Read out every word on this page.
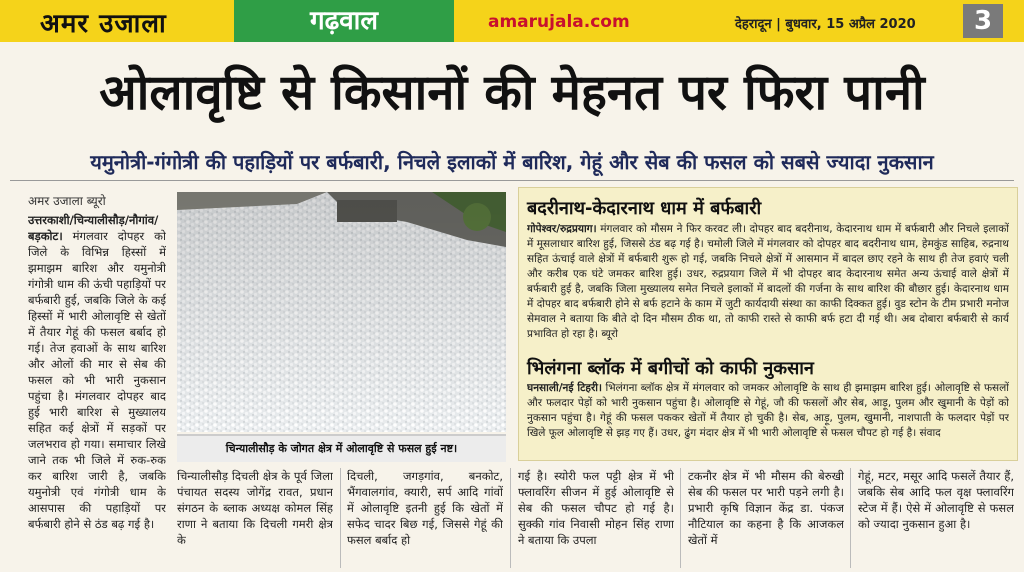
अमर उजाला	गढ़वाल	amarujala.com	देहरादून | बुधवार, 15 अप्रैल 2020	3
ओलावृष्टि से किसानों की मेहनत पर फिरा पानी
यमुनोत्री-गंगोत्री की पहाड़ियों पर बर्फबारी, निचले इलाकों में बारिश, गेहूं और सेब की फसल को सबसे ज्यादा नुकसान
अमर उजाला ब्यूरो
उत्तरकाशी/चिन्यालीसौड़/नौगांव/बड़कोट। मंगलवार दोपहर को जिले के विभिन्न हिस्सों में झमाझम बारिश और यमुनोत्री गंगोत्री धाम की ऊंची पहाड़ियों पर बर्फबारी हुई, जबकि जिले के कई हिस्सों में भारी ओलावृष्टि से खेतों में तैयार गेहूं की फसल बर्बाद हो गई। तेज हवाओं के साथ बारिश और ओलों की मार से सेब की फसल को भी भारी नुकसान पहुंचा है। मंगलवार दोपहर बाद हुई भारी बारिश से मुख्यालय सहित कई क्षेत्रों में सड़कों पर जलभराव हो गया। समाचार लिखे जाने तक भी जिले में रुक-रुक कर बारिश जारी है, जबकि यमुनोत्री एवं गंगोत्री धाम के आसपास की पहाड़ियों पर बर्फबारी होने से ठंड बढ़ गई है।
चिन्यालीसौड़ के जोगत क्षेत्र में ओलावृष्टि से फसल हुई नष्ट।
बदरीनाथ-केदारनाथ धाम में बर्फबारी
गोपेश्वर/रुद्रप्रयाग। मंगलवार को मौसम ने फिर करवट ली। दोपहर बाद बदरीनाथ, केदारनाथ धाम में बर्फबारी और निचले इलाकों में मूसलाधार बारिश हुई, जिससे ठंड बढ़ गई है। चमोली जिले में मंगलवार को दोपहर बाद बदरीनाथ धाम, हेमकुंड साहिब, रुद्रनाथ सहित ऊंचाई वाले क्षेत्रों में बर्फबारी शुरू हो गई, जबकि निचले क्षेत्रों में आसमान में बादल छाए रहने के साथ ही तेज हवाएं चली और करीब एक घंटे जमकर बारिश हुई। उधर, रुद्रप्रयाग जिले में भी दोपहर बाद केदारनाथ समेत अन्य ऊंचाई वाले क्षेत्रों में बर्फबारी हुई है, जबकि जिला मुख्यालय समेत निचले इलाकों में बादलों की गर्जना के साथ बारिश की बौछार हुई। केदारनाथ धाम में दोपहर बाद बर्फबारी होने से बर्फ हटाने के काम में जुटी कार्यदायी संस्था का काफी दिक्कत हुई। वुड स्टोन के टीम प्रभारी मनोज सेमवाल ने बताया कि बीते दो दिन मौसम ठीक था, तो काफी रास्ते से काफी बर्फ हटा दी गई थी। अब दोबारा बर्फबारी से कार्य प्रभावित हो रहा है। ब्यूरो
भिलंगना ब्लॉक में बगीचों को काफी नुकसान
घनसाली/नई टिहरी। भिलंगना ब्लॉक क्षेत्र में मंगलवार को जमकर ओलावृष्टि के साथ ही झमाझम बारिश हुई। ओलावृष्टि से फसलों और फलदार पेड़ों को भारी नुकसान पहुंचा है। ओलावृष्टि से गेहूं, जौ की फसलों और सेब, आड़ू, पुलम और खुमानी के पेड़ों को नुकसान पहुंचा है। गेहूं की फसल पककर खेतों में तैयार हो चुकी है। सेब, आड़ू, पुलम, खुमानी, नाशपाती के फलदार पेड़ों पर खिले फूल ओलावृष्टि से झड़ गए हैं। उधर, ढुंग मंदार क्षेत्र में भी भारी ओलावृष्टि से फसल चौपट हो गई है। संवाद
चिन्यालीसौड़ दिचली क्षेत्र के पूर्व जिला पंचायत सदस्य जोगेंद्र रावत, प्रधान संगठन के ब्लाक अध्यक्ष कोमल सिंह राणा ने बताया कि दिचली गमरी क्षेत्र के
दिचली, जगड़गांव, बनकोट, भैंगवालगांव, क्यारी, सर्प आदि गांवों में ओलावृष्टि इतनी हुई कि खेतों में सफेद चादर बिछ गई, जिससे गेहूं की फसल बर्बाद हो
गई है। स्योरी फल पट्टी क्षेत्र में भी फ्लावरिंग सीजन में हुई ओलावृष्टि से सेब की फसल चौपट हो गई है। सुक्की गांव निवासी मोहन सिंह राणा ने बताया कि उपला
टकनौर क्षेत्र में भी मौसम की बेरुखी सेब की फसल पर भारी पड़ने लगी है। प्रभारी कृषि विज्ञान केंद्र डा. पंकज नौटियाल का कहना है कि आजकल खेतों में
गेहूं, मटर, मसूर आदि फसलें तैयार हैं, जबकि सेब आदि फल वृक्ष फ्लावरिंग स्टेज में हैं। ऐसे में ओलावृष्टि से फसल को ज्यादा नुकसान हुआ है।
